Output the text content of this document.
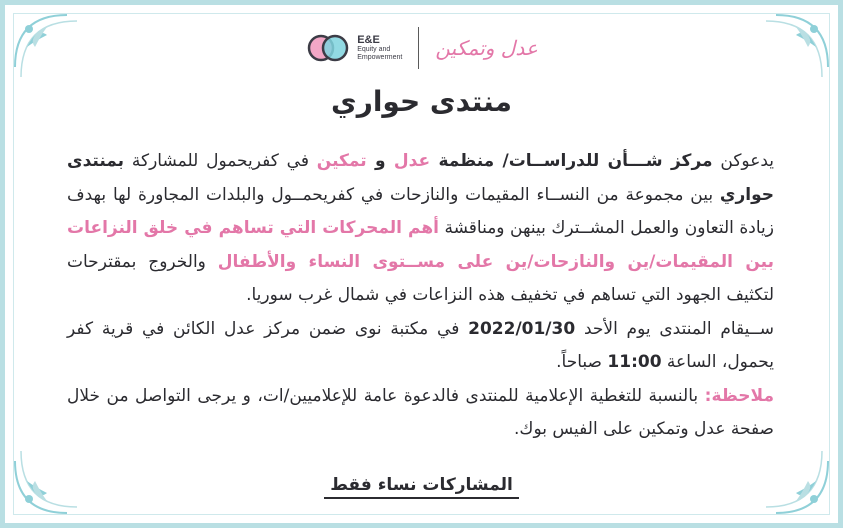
E&E
Equity and
Empowerment عدل وتمكين
منتدى حواري

يدعوكن مركز شـــأن للدراســات/ منظمة عدل و تمكين في كفريحمول للمشاركة بمنتدى حواري بين مجموعة من النســاء المقيمات والنازحات في كفريحمــول والبلدات المجاورة لها بهدف زيادة التعاون والعمل المشــترك بينهن ومناقشة أهم المحركات التي تساهم في خلق النزاعات بين المقيمات/ين والنازحات/ين على مســتوى النساء والأطفال والخروج بمقترحات لتكثيف الجهود التي تساهم في تخفيف هذه النزاعات في شمال غرب سوريا.

ســيقام المنتدى يوم الأحد 2022/01/30 في مكتبة نوى ضمن مركز عدل الكائن في قرية كفر يحمول، الساعة 11:00 صباحاً.

ملاحظة: بالنسبة للتغطية الإعلامية للمنتدى فالدعوة عامة للإعلاميين/ات، و يرجى التواصل من خلال صفحة عدل وتمكين على الفيس بوك.

المشاركات نساء فقط
